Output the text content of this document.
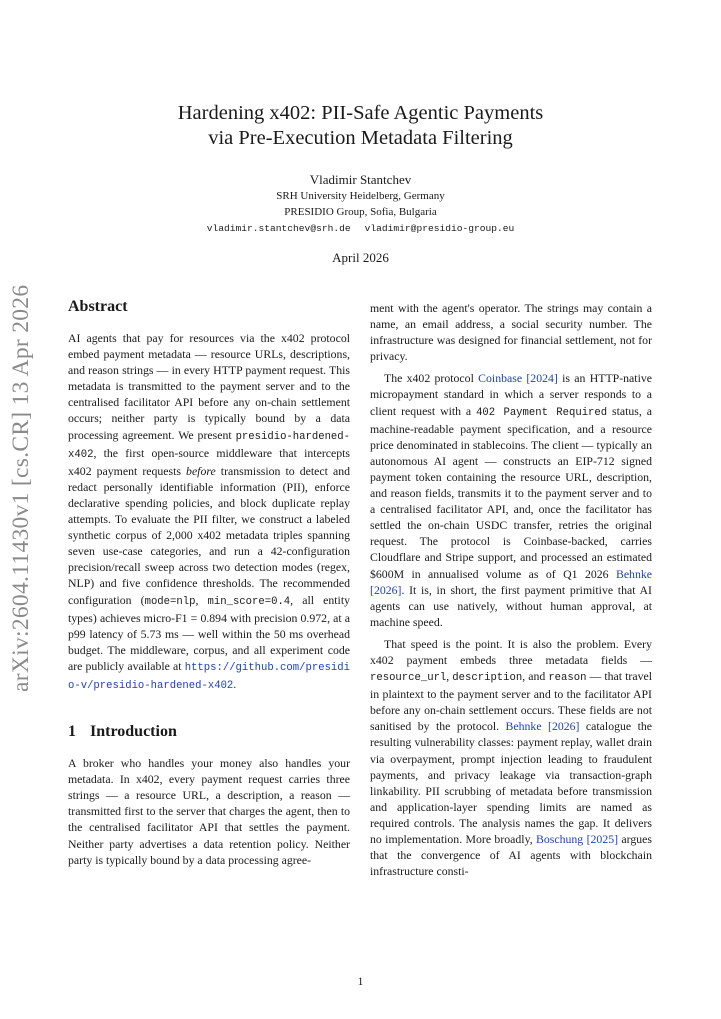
arXiv:2604.11430v1 [cs.CR] 13 Apr 2026
Hardening x402: PII-Safe Agentic Payments
via Pre-Execution Metadata Filtering
Vladimir Stantchev
SRH University Heidelberg, Germany
PRESIDIO Group, Sofia, Bulgaria
vladimir.stantchev@srh.de vladimir@presidio-group.eu
April 2026
Abstract

AI agents that pay for resources via the x402 protocol embed payment metadata — resource URLs, descriptions, and reason strings — in every HTTP payment request. This metadata is transmitted to the payment server and to the centralised facilitator API before any on-chain settlement occurs; neither party is typically bound by a data processing agreement. We present presidio-hardened-x402, the first open-source middleware that intercepts x402 payment requests before transmission to detect and redact personally identifiable information (PII), enforce declarative spending policies, and block duplicate replay attempts. To evaluate the PII filter, we construct a labeled synthetic corpus of 2,000 x402 metadata triples spanning seven use-case categories, and run a 42-configuration precision/recall sweep across two detection modes (regex, NLP) and five confidence thresholds. The recommended configuration (mode=nlp, min_score=0.4, all entity types) achieves micro-F1 = 0.894 with precision 0.972, at a p99 latency of 5.73 ms — well within the 50 ms overhead budget. The middleware, corpus, and all experiment code are publicly available at https://github.com/presidio-v/presidio-hardened-x402.

1 Introduction

A broker who handles your money also handles your metadata. In x402, every payment request carries three strings — a resource URL, a description, a reason — transmitted first to the server that charges the agent, then to the centralised facilitator API that settles the payment. Neither party advertises a data retention policy. Neither party is typically bound by a data processing agree-

ment with the agent's operator. The strings may contain a name, an email address, a social security number. The infrastructure was designed for financial settlement, not for privacy.

The x402 protocol Coinbase [2024] is an HTTP-native micropayment standard in which a server responds to a client request with a 402 Payment Required status, a machine-readable payment specification, and a resource price denominated in stablecoins. The client — typically an autonomous AI agent — constructs an EIP-712 signed payment token containing the resource URL, description, and reason fields, transmits it to the payment server and to a centralised facilitator API, and, once the facilitator has settled the on-chain USDC transfer, retries the original request. The protocol is Coinbase-backed, carries Cloudflare and Stripe support, and processed an estimated $600M in annualised volume as of Q1 2026 Behnke [2026]. It is, in short, the first payment primitive that AI agents can use natively, without human approval, at machine speed.

That speed is the point. It is also the problem. Every x402 payment embeds three metadata fields — resource_url, description, and reason — that travel in plaintext to the payment server and to the facilitator API before any on-chain settlement occurs. These fields are not sanitised by the protocol. Behnke [2026] catalogue the resulting vulnerability classes: payment replay, wallet drain via overpayment, prompt injection leading to fraudulent payments, and privacy leakage via transaction-graph linkability. PII scrubbing of metadata before transmission and application-layer spending limits are named as required controls. The analysis names the gap. It delivers no implementation. More broadly, Boschung [2025] argues that the convergence of AI agents with blockchain infrastructure consti-

1
